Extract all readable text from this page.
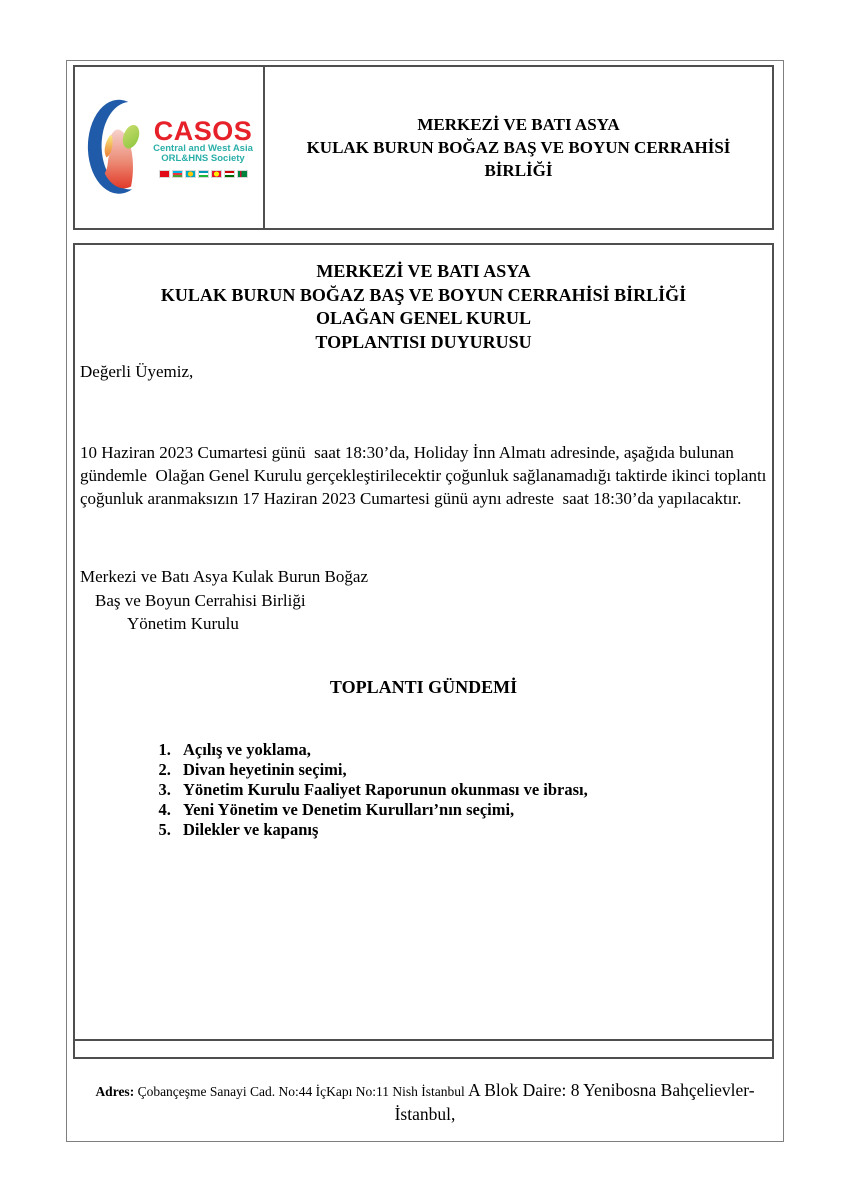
CASOS
Central and West Asia
ORL&HNS Society
MERKEZİ VE BATI ASYA
KULAK BURUN BOĞAZ BAŞ VE BOYUN CERRAHİSİ
BİRLİĞİ
MERKEZİ VE BATI ASYA
KULAK BURUN BOĞAZ BAŞ VE BOYUN CERRAHİSİ BİRLİĞİ
OLAĞAN GENEL KURUL
TOPLANTISI DUYURUSU
Değerli Üyemiz,
10 Haziran 2023 Cumartesi günü  saat 18:30’da, Holiday İnn Almatı adresinde, aşağıda bulunan gündemle  Olağan Genel Kurulu gerçekleştirilecektir çoğunluk sağlanamadığı taktirde ikinci toplantı çoğunluk aranmaksızın 17 Haziran 2023 Cumartesi günü aynı adreste  saat 18:30’da yapılacaktır.
Merkezi ve Batı Asya Kulak Burun Boğaz
Baş ve Boyun Cerrahisi Birliği
Yönetim Kurulu
TOPLANTI GÜNDEMİ
1. Açılış ve yoklama,
2. Divan heyetinin seçimi,
3. Yönetim Kurulu Faaliyet Raporunun okunması ve ibrası,
4. Yeni Yönetim ve Denetim Kurulları’nın seçimi,
5. Dilekler ve kapanış
Adres: Çobançeşme Sanayi Cad. No:44 İçKapı No:11 Nish İstanbul A Blok Daire: 8 Yenibosna Bahçelievler-
İstanbul,
